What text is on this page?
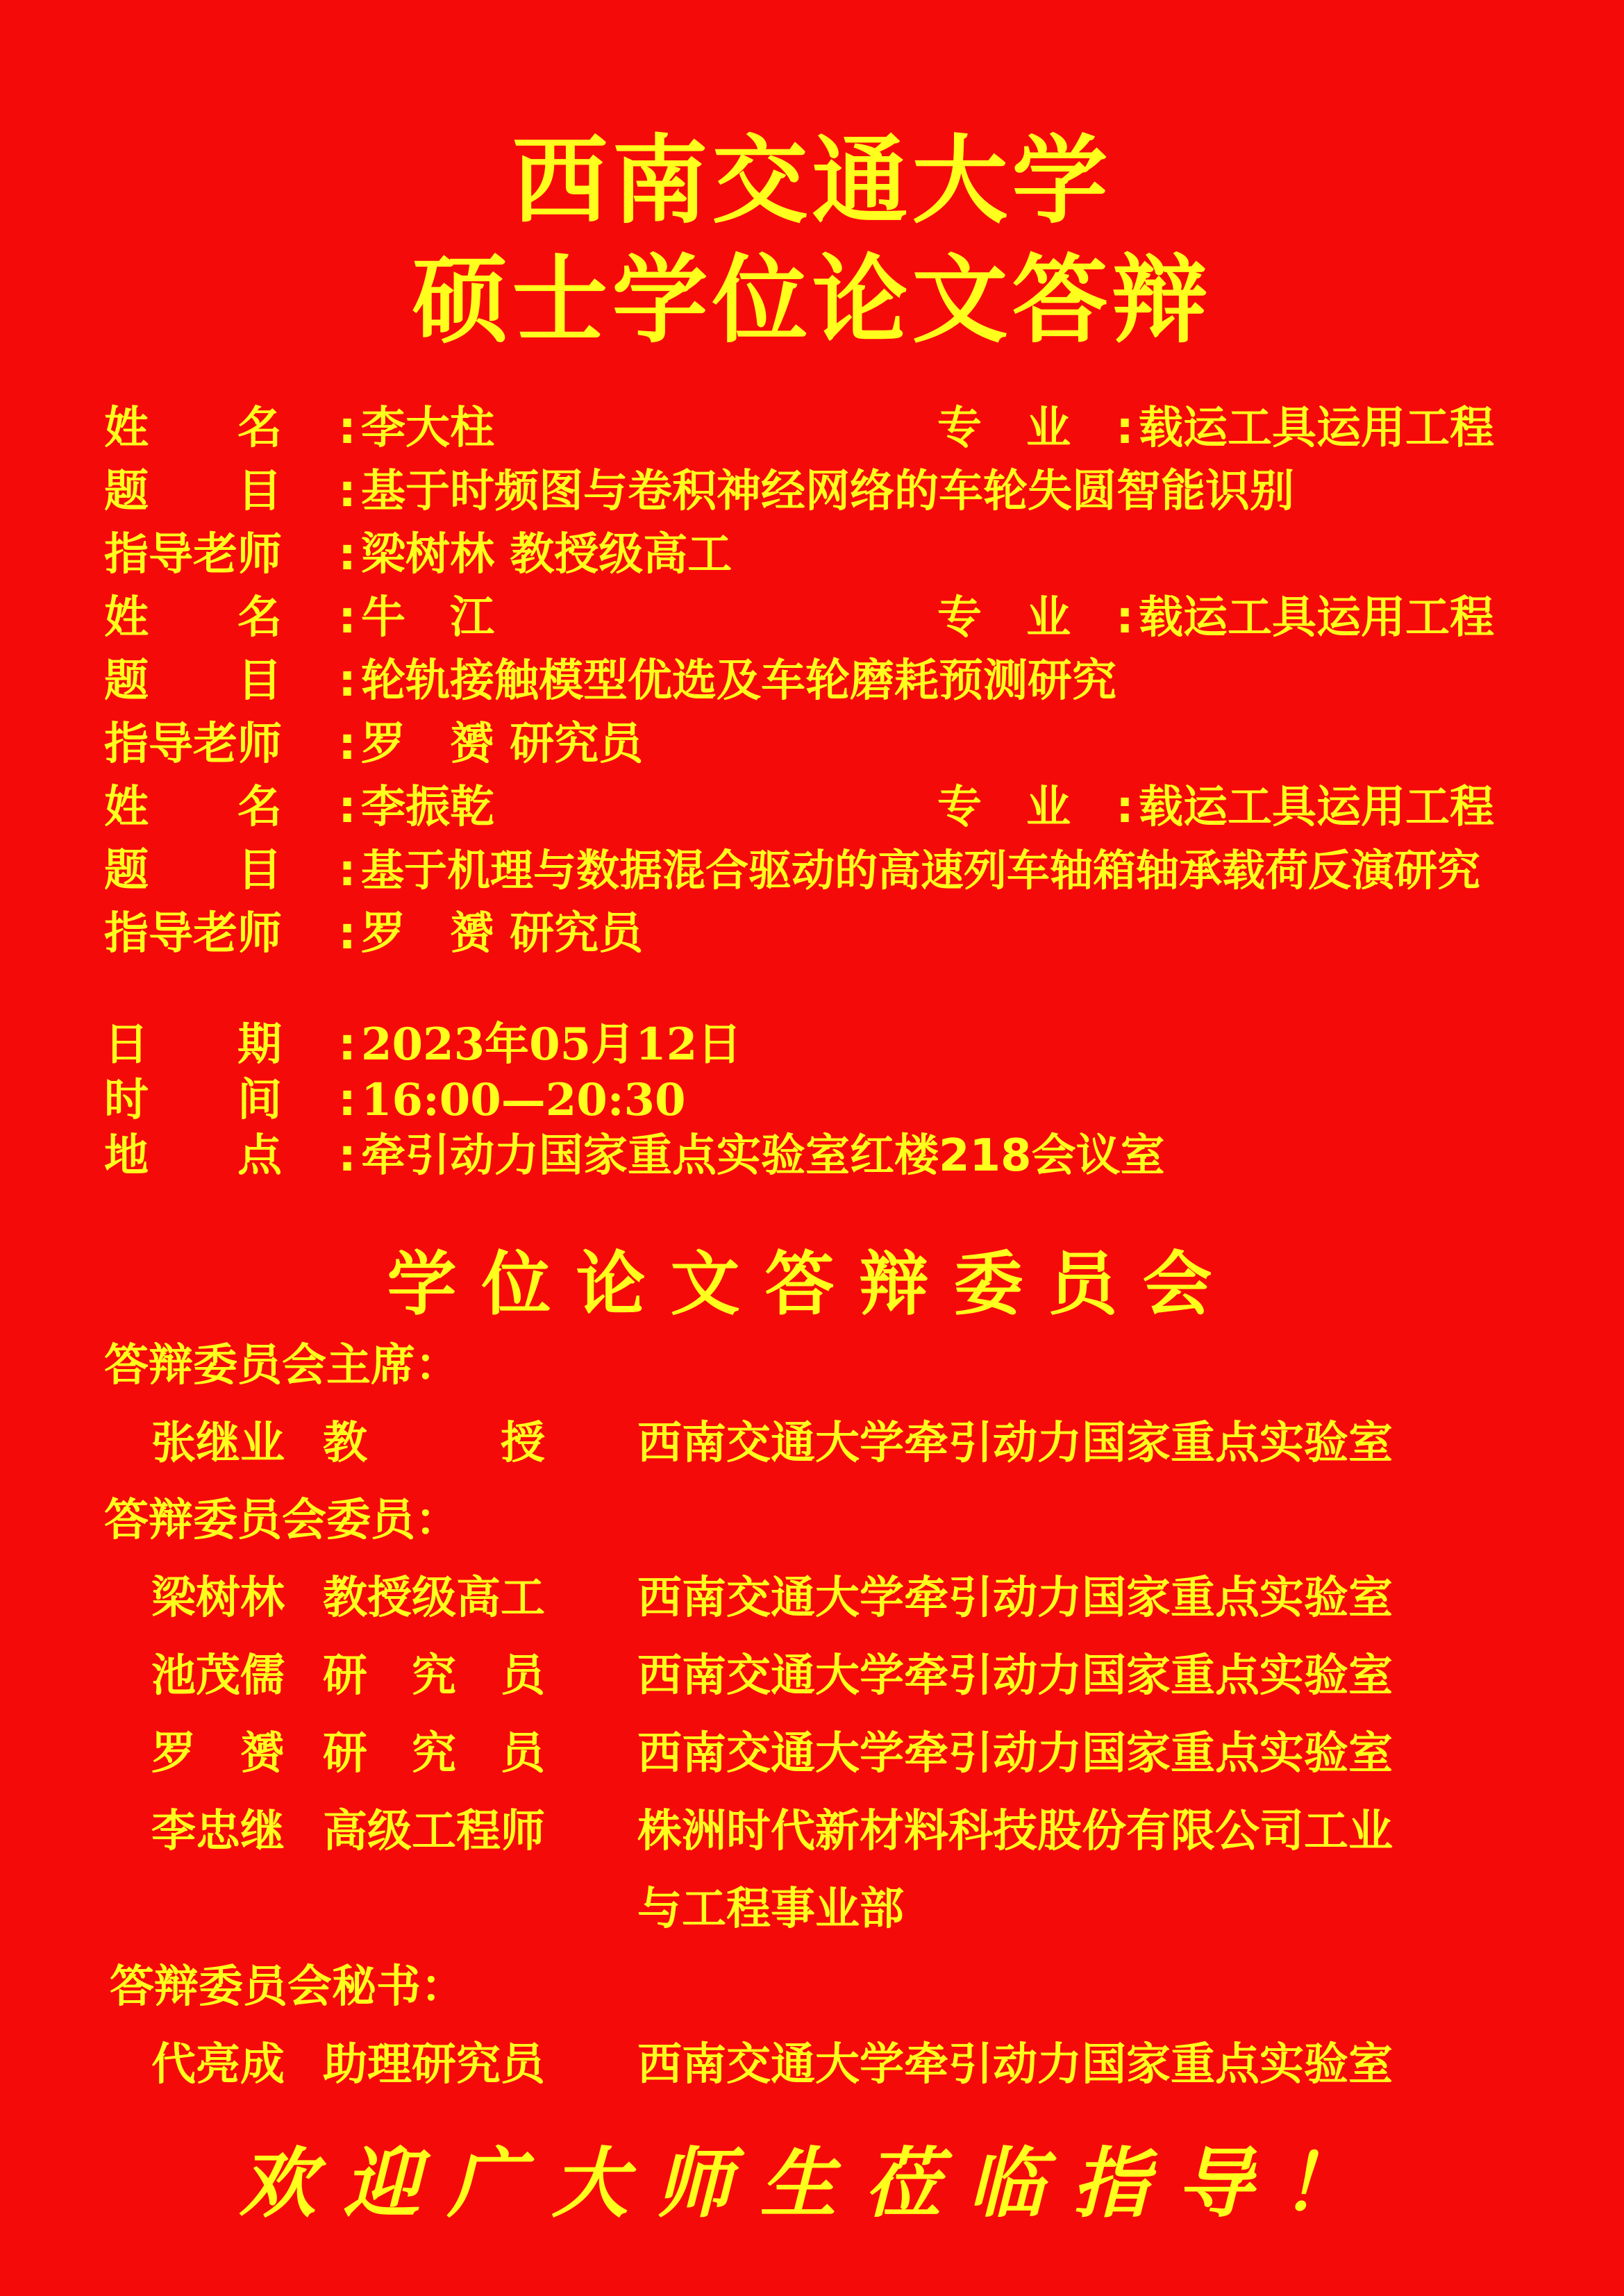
西南交通大学
硕士学位论文答辩
姓　　名 : 李大柱	专　业 : 载运工具运用工程
题　　目 : 基于时频图与卷积神经网络的车轮失圆智能识别
指导老师 : 梁树林 教授级高工
姓　　名 : 牛　江	专　业 : 载运工具运用工程
题　　目 : 轮轨接触模型优选及车轮磨耗预测研究
指导老师 : 罗　赟 研究员
姓　　名 : 李振乾	专　业 : 载运工具运用工程
题　　目 : 基于机理与数据混合驱动的高速列车轴箱轴承载荷反演研究
指导老师 : 罗　赟 研究员
日　　期 : 2023年05月12日
时　　间 : 16:00—20:30
地　　点 : 牵引动力国家重点实验室红楼218会议室
学位论文答辩委员会
答辩委员会主席：
张继业 教　　　授 西南交通大学牵引动力国家重点实验室
答辩委员会委员：
梁树林 教授级高工 西南交通大学牵引动力国家重点实验室
池茂儒 研　究　员 西南交通大学牵引动力国家重点实验室
罗　赟 研　究　员 西南交通大学牵引动力国家重点实验室
李忠继 高级工程师 株洲时代新材料科技股份有限公司工业
与工程事业部
答辩委员会秘书：
代亮成 助理研究员 西南交通大学牵引动力国家重点实验室
欢迎广大师生莅临指导！
